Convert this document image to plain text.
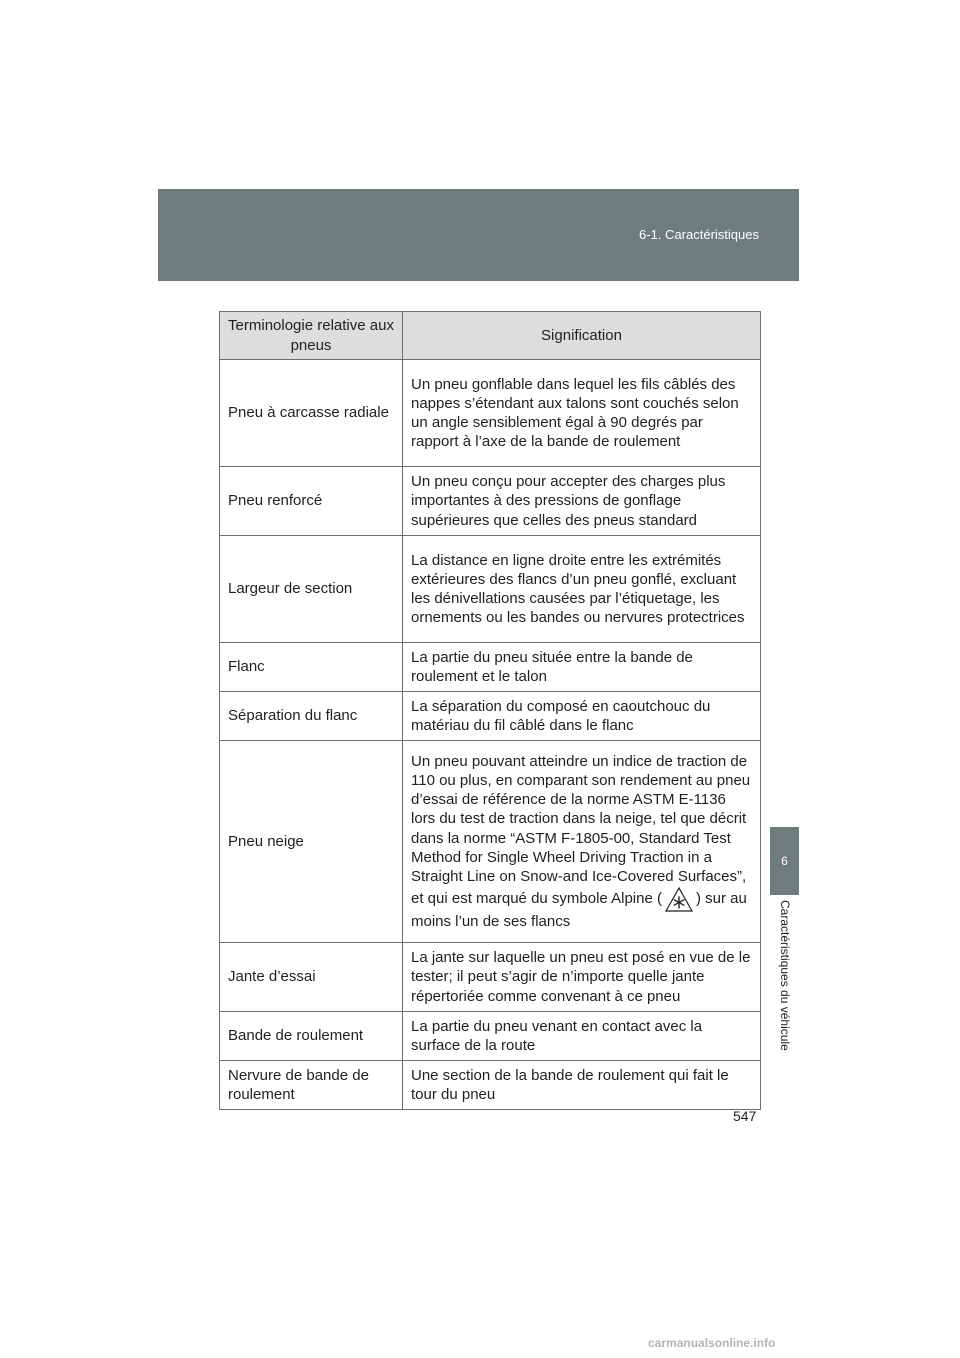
6-1. Caractéristiques
6
Caractéristiques du véhicule
Terminologie relative aux pneus	Signification
Pneu à carcasse radiale	Un pneu gonflable dans lequel les fils câblés des nappes s’étendant aux talons sont couchés selon un angle sensiblement égal à 90 degrés par rapport à l’axe de la bande de roulement
Pneu renforcé	Un pneu conçu pour accepter des charges plus importantes à des pressions de gonflage supérieures que celles des pneus standard
Largeur de section	La distance en ligne droite entre les extrémités extérieures des flancs d’un pneu gonflé, excluant les dénivellations causées par l’étiquetage, les ornements ou les bandes ou nervures protectrices
Flanc	La partie du pneu située entre la bande de roulement et le talon
Séparation du flanc	La séparation du composé en caoutchouc du matériau du fil câblé dans le flanc
Pneu neige	Un pneu pouvant atteindre un indice de traction de 110 ou plus, en comparant son rendement au pneu d’essai de référence de la norme ASTM E-1136 lors du test de traction dans la neige, tel que décrit dans la norme “ASTM F-1805-00, Standard Test Method for Single Wheel Driving Traction in a Straight Line on Snow-and Ice-Covered Surfaces”, et qui est marqué du symbole Alpine ( ) sur au moins l’un de ses flancs
Jante d’essai	La jante sur laquelle un pneu est posé en vue de le tester; il peut s’agir de n’importe quelle jante répertoriée comme convenant à ce pneu
Bande de roulement	La partie du pneu venant en contact avec la surface de la route
Nervure de bande de roulement	Une section de la bande de roulement qui fait le tour du pneu
547
carmanualsonline.info
